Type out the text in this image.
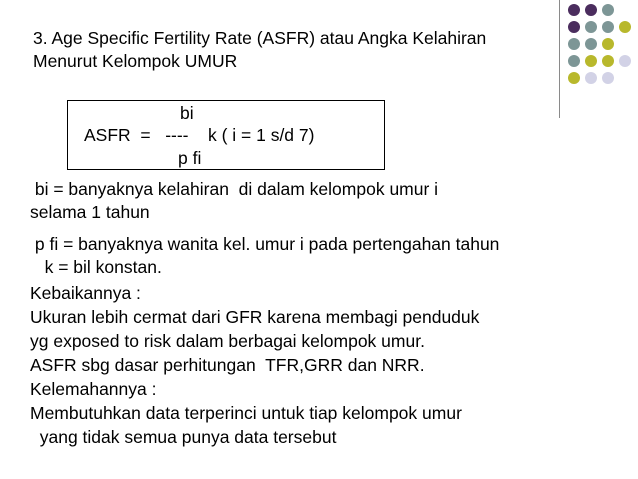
3. Age Specific Fertility Rate (ASFR) atau Angka Kelahiran
Menurut Kelompok UMUR
bi
ASFR  =   ----    k ( i = 1 s/d 7)
p fi
bi = banyaknya kelahiran  di dalam kelompok umur i
selama 1 tahun
p fi = banyaknya wanita kel. umur i pada pertengahan tahun
k = bil konstan.
Kebaikannya :
Ukuran lebih cermat dari GFR karena membagi penduduk
yg exposed to risk dalam berbagai kelompok umur.
ASFR sbg dasar perhitungan  TFR,GRR dan NRR.
Kelemahannya :
Membutuhkan data terperinci untuk tiap kelompok umur
yang tidak semua punya data tersebut
